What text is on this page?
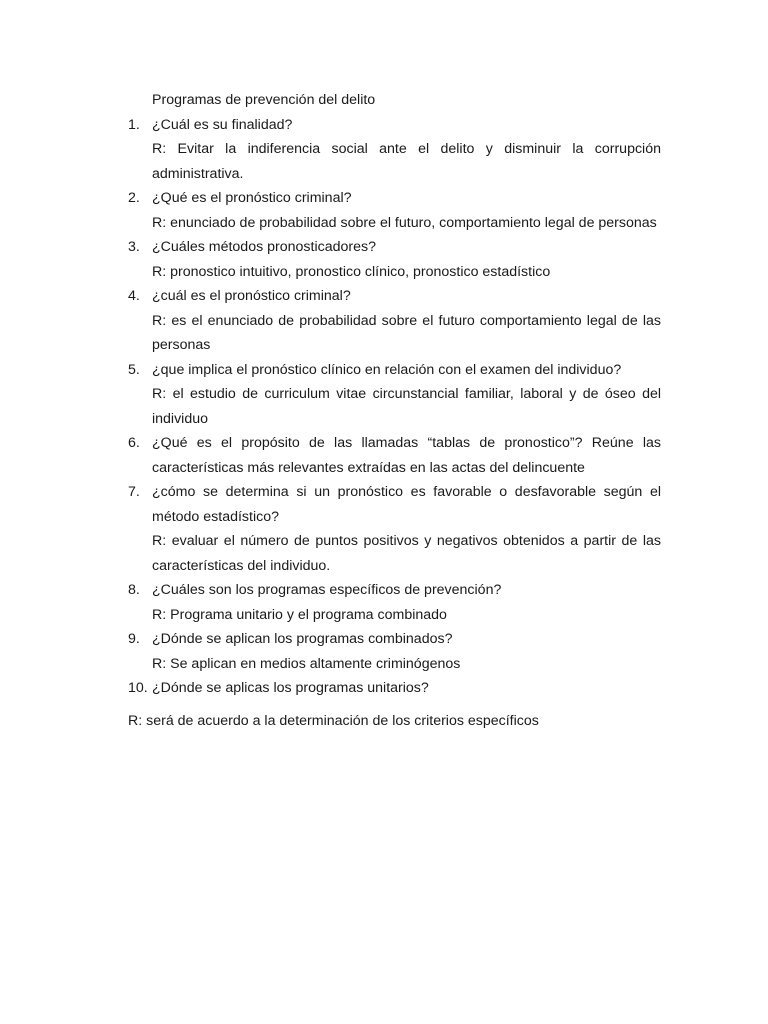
Programas de prevención del delito
1. ¿Cuál es su finalidad?
R: Evitar la indiferencia social ante el delito y disminuir la corrupción administrativa.
2. ¿Qué es el pronóstico criminal?
R: enunciado de probabilidad sobre el futuro, comportamiento legal de personas
3. ¿Cuáles métodos pronosticadores?
R: pronostico intuitivo, pronostico clínico, pronostico estadístico
4. ¿cuál es el pronóstico criminal?
R: es el enunciado de probabilidad sobre el futuro comportamiento legal de las personas
5. ¿que implica el pronóstico clínico en relación con el examen del individuo?
R: el estudio de curriculum vitae circunstancial familiar, laboral y de óseo del individuo
6. ¿Qué es el propósito de las llamadas “tablas de pronostico”? Reúne las características más relevantes extraídas en las actas del delincuente
7. ¿cómo se determina si un pronóstico es favorable o desfavorable según el método estadístico?
R: evaluar el número de puntos positivos y negativos obtenidos a partir de las características del individuo.
8. ¿Cuáles son los programas específicos de prevención?
R: Programa unitario y el programa combinado
9. ¿Dónde se aplican los programas combinados?
R: Se aplican en medios altamente criminógenos
10. ¿Dónde se aplicas los programas unitarios?
R: será de acuerdo a la determinación de los criterios específicos
